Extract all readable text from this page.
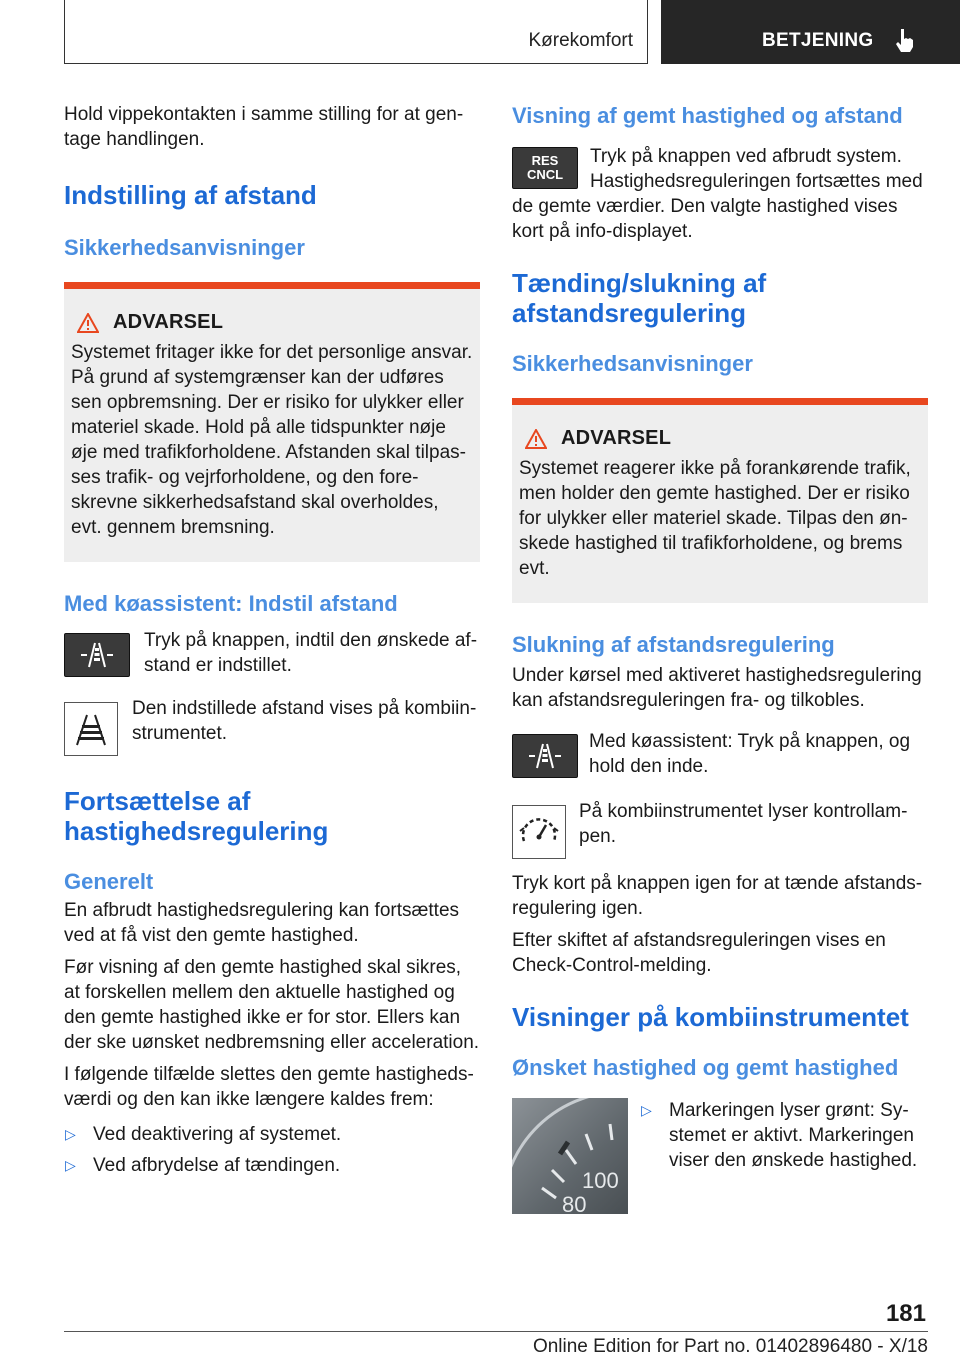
Kørekomfort	BETJENING

Hold vippekontakten i samme stilling for at gen-tage handlingen.

Indstilling af afstand
Sikkerhedsanvisninger
ADVARSEL

Systemet fritager ikke for det personlige ansvar. På grund af systemgrænser kan der udføres sen opbremsning. Der er risiko for ulykker eller materiel skade. Hold på alle tidspunkter nøje øje med trafikforholdene. Afstanden skal tilpas-ses trafik- og vejrforholdene, og den fore-skrevne sikkerhedsafstand skal overholdes, evt. gennem bremsning.

Med køassistent: Indstil afstand

Tryk på knappen, indtil den ønskede af-stand er indstillet.

Den indstillede afstand vises på kombiin-strumentet.

Fortsættelse af hastighedsregulering
Generelt

En afbrudt hastighedsregulering kan fortsættes ved at få vist den gemte hastighed.

Før visning af den gemte hastighed skal sikres, at forskellen mellem den aktuelle hastighed og den gemte hastighed ikke er for stor. Ellers kan der ske uønsket nedbremsning eller acceleration.

I følgende tilfælde slettes den gemte hastigheds-værdi og den kan ikke længere kaldes frem:

▷ Ved deaktivering af systemet.
▷ Ved afbrydelse af tændingen.
Visning af gemt hastighed og afstand
RES
CNCL

Tryk på knappen ved afbrudt system. Hastighedsreguleringen fortsættes med de gemte værdier. Den valgte hastighed vises kort på info-displayet.

Tænding/slukning af afstandsregulering
Sikkerhedsanvisninger
ADVARSEL

Systemet reagerer ikke på forankørende trafik, men holder den gemte hastighed. Der er risiko for ulykker eller materiel skade. Tilpas den øn-skede hastighed til trafikforholdene, og brems evt.

Slukning af afstandsregulering

Under kørsel med aktiveret hastighedsregulering kan afstandsreguleringen fra- og tilkobles.

Med køassistent: Tryk på knappen, og hold den inde.

På kombiinstrumentet lyser kontrollam-pen.

Tryk kort på knappen igen for at tænde afstands-regulering igen.

Efter skiftet af afstandsreguleringen vises en Check-Control-melding.

Visninger på kombiinstrumentet
Ønsket hastighed og gemt hastighed
100
80
▷ Markeringen lyser grønt: Sy-stemet er aktivt. Markeringen viser den ønskede hastighed.
181
Online Edition for Part no. 01402896480 - X/18
